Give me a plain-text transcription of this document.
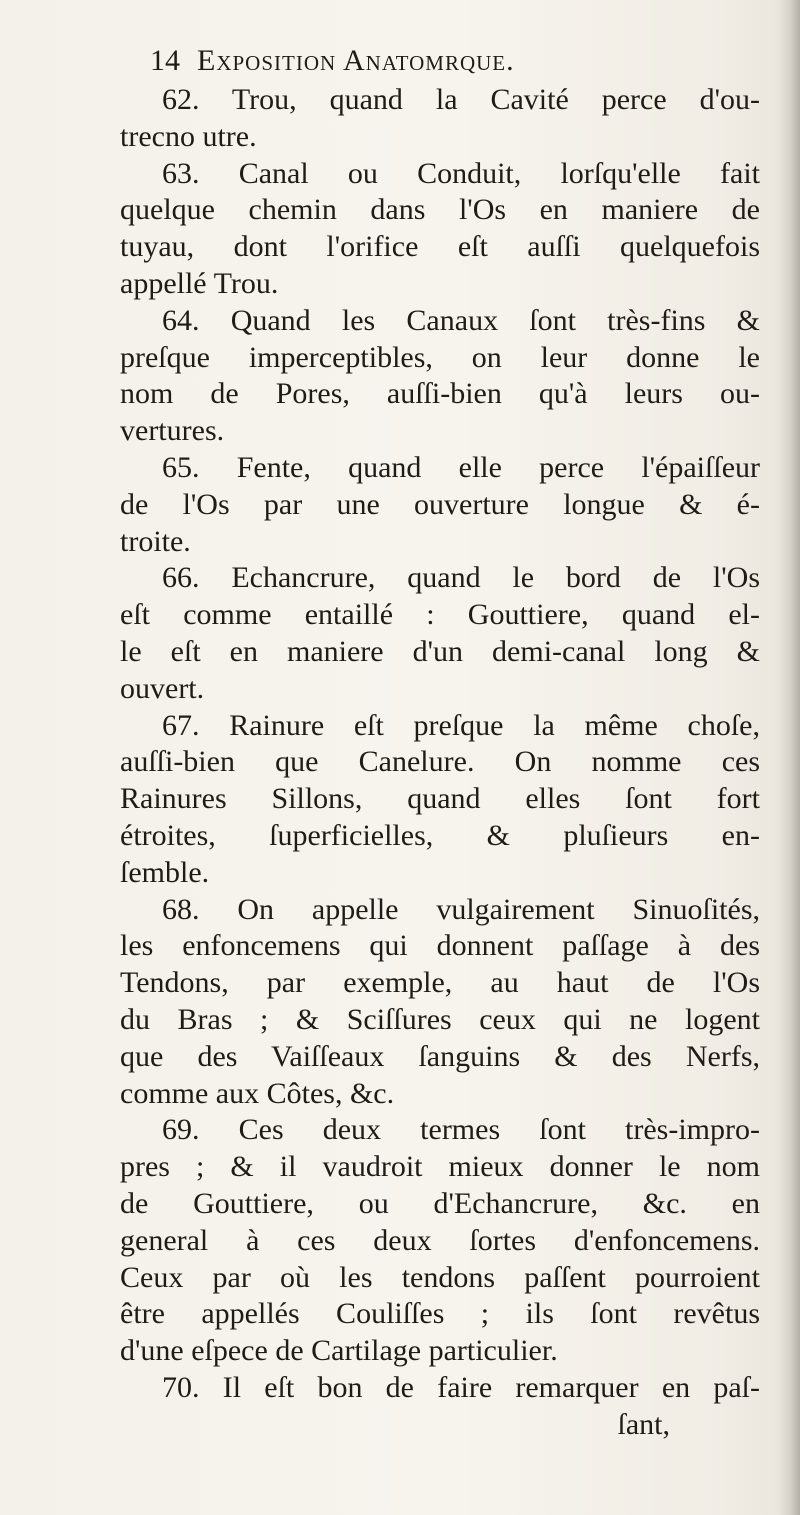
14 Exposition Anatomrque.
62. Trou, quand la Cavité perce d'ou-
trecno utre.
63. Canal ou Conduit, lorſqu'elle fait
quelque chemin dans l'Os en maniere de
tuyau, dont l'orifice eſt auſſi quelquefois
appellé Trou.
64. Quand les Canaux ſont très-fins &
preſque imperceptibles, on leur donne le
nom de Pores, auſſi-bien qu'à leurs ou-
vertures.
65. Fente, quand elle perce l'épaiſſeur
de l'Os par une ouverture longue & é-
troite.
66. Echancrure, quand le bord de l'Os
eſt comme entaillé : Gouttiere, quand el-
le eſt en maniere d'un demi-canal long &
ouvert.
67. Rainure eſt preſque la même choſe,
auſſi-bien que Canelure. On nomme ces
Rainures Sillons, quand elles ſont fort
étroites, ſuperficielles, & pluſieurs en-
ſemble.
68. On appelle vulgairement Sinuoſités,
les enfoncemens qui donnent paſſage à des
Tendons, par exemple, au haut de l'Os
du Bras ; & Sciſſures ceux qui ne logent
que des Vaiſſeaux ſanguins & des Nerfs,
comme aux Côtes, &c.
69. Ces deux termes ſont très-impro-
pres ; & il vaudroit mieux donner le nom
de Gouttiere, ou d'Echancrure, &c. en
general à ces deux ſortes d'enfoncemens.
Ceux par où les tendons paſſent pourroient
être appellés Couliſſes ; ils ſont revêtus
d'une eſpece de Cartilage particulier.
70. Il eſt bon de faire remarquer en paſ-
ſant,
